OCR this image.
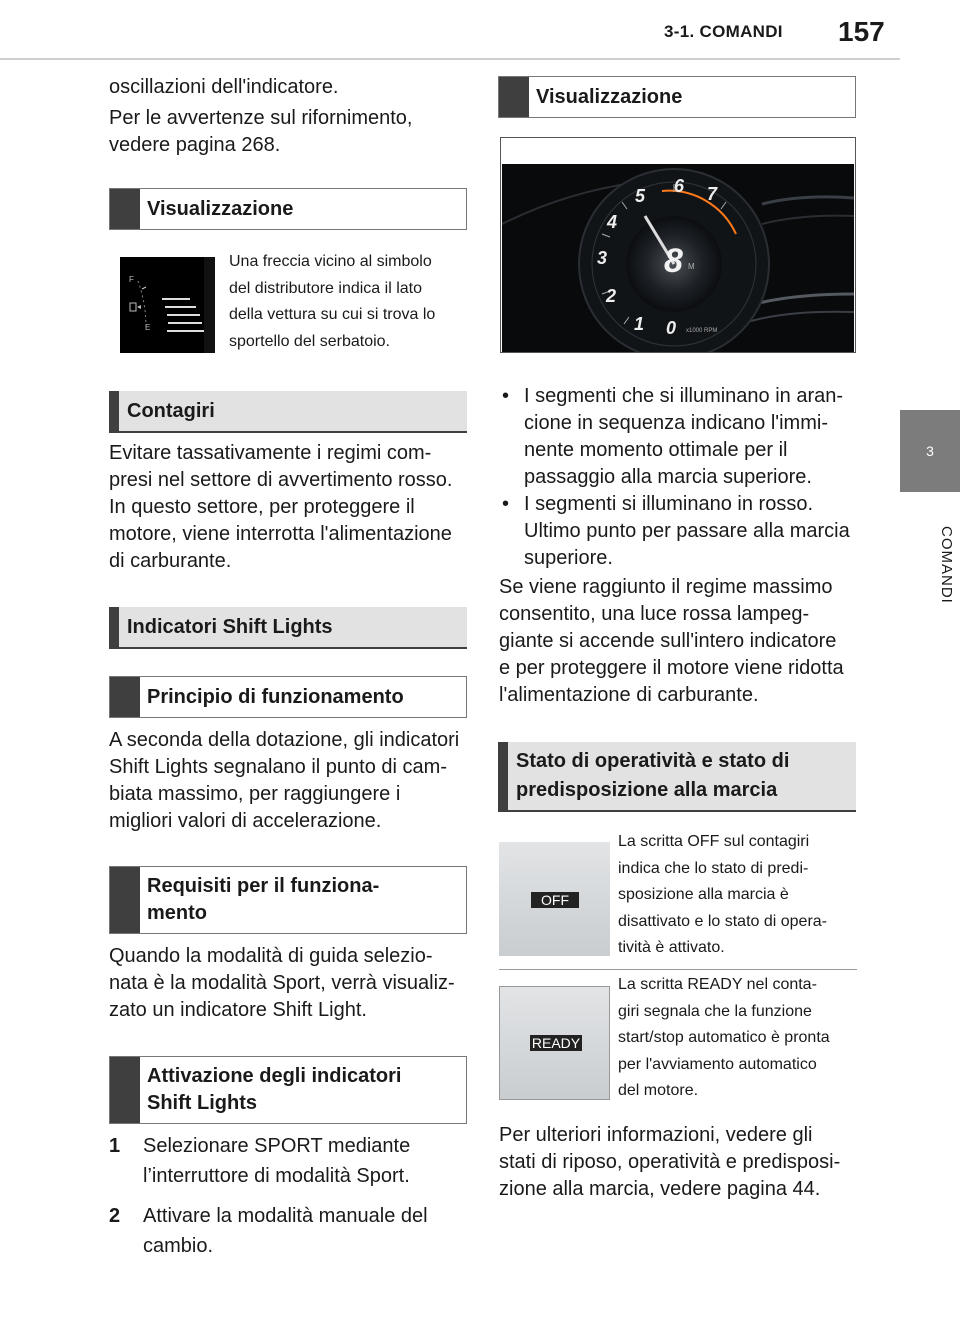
3-1. COMANDI 157
3
COMANDI
oscillazioni dell'indicatore.
Per le avvertenze sul rifornimento,
vedere pagina 268.
Visualizzazione
F
E
Una freccia vicino al simbolo
del distributore indica il lato
della vettura su cui si trova lo
sportello del serbatoio.
Contagiri
Evitare tassativamente i regimi com-
presi nel settore di avvertimento rosso.
In questo settore, per proteggere il
motore, viene interrotta l'alimentazione
di carburante.
Indicatori Shift Lights
Principio di funzionamento
A seconda della dotazione, gli indicatori
Shift Lights segnalano il punto di cam-
biata massimo, per raggiungere i
migliori valori di accelerazione.
Requisiti per il funziona-
mento
Quando la modalità di guida selezio-
nata è la modalità Sport, verrà visualiz-
zato un indicatore Shift Light.
Attivazione degli indicatori
Shift Lights
1 Selezionare SPORT mediante
l’interruttore di modalità Sport.
2 Attivare la modalità manuale del
cambio.
Visualizzazione
0
1
2
3
4
5 6 7
8 M
x1000 RPM
• I segmenti che si illuminano in aran-
cione in sequenza indicano l'immi-
nente momento ottimale per il
passaggio alla marcia superiore.
• I segmenti si illuminano in rosso.
Ultimo punto per passare alla marcia
superiore.
Se viene raggiunto il regime massimo
consentito, una luce rossa lampeg-
giante si accende sull'intero indicatore
e per proteggere il motore viene ridotta
l'alimentazione di carburante.
Stato di operatività e stato di
predisposizione alla marcia
OFF
La scritta OFF sul contagiri
indica che lo stato di predi-
sposizione alla marcia è
disattivato e lo stato di opera-
tività è attivato.
READY
La scritta READY nel conta-
giri segnala che la funzione
start/stop automatico è pronta
per l'avviamento automatico
del motore.
Per ulteriori informazioni, vedere gli
stati di riposo, operatività e predisposi-
zione alla marcia, vedere pagina 44.
